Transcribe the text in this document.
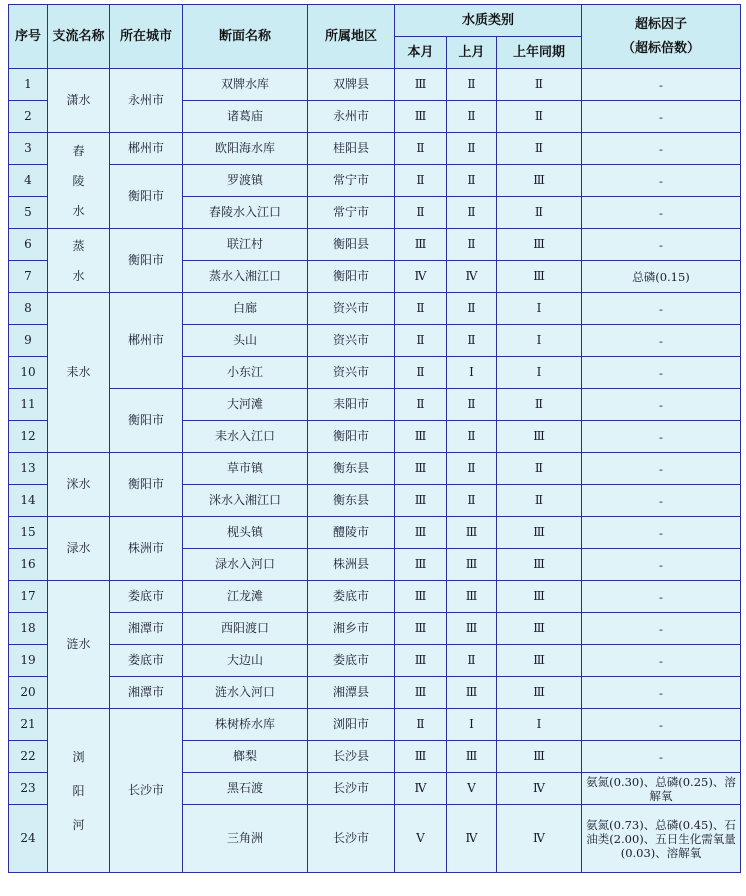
序号	支流名称	所在城市	断面名称	所属地区	水质类别			超标因子
（超标倍数）

					本月	上月	上年同期	
1	潇水	永州市	双牌水库	双牌县	Ⅲ	Ⅱ	Ⅱ	-
2			诸葛庙	永州市	Ⅲ	Ⅱ	Ⅱ	-
3	舂陵水	郴州市	欧阳海水库	桂阳县	Ⅱ	Ⅱ	Ⅱ	-
4		衡阳市	罗渡镇	常宁市	Ⅱ	Ⅱ	Ⅲ	-
5			舂陵水入江口	常宁市	Ⅱ	Ⅱ	Ⅱ	-
6	蒸水	衡阳市	联江村	衡阳县	Ⅲ	Ⅱ	Ⅲ	-
7			蒸水入湘江口	衡阳市	Ⅳ	Ⅳ	Ⅲ	总磷(0.15)
8	耒水	郴州市	白廊	资兴市	Ⅱ	Ⅱ	Ⅰ	-
9			头山	资兴市	Ⅱ	Ⅱ	Ⅰ	-
10			小东江	资兴市	Ⅱ	Ⅰ	Ⅰ	-
11		衡阳市	大河滩	耒阳市	Ⅱ	Ⅱ	Ⅱ	-
12			耒水入江口	衡阳市	Ⅲ	Ⅱ	Ⅲ	-
13	洣水	衡阳市	草市镇	衡东县	Ⅲ	Ⅱ	Ⅱ	-
14			洣水入湘江口	衡东县	Ⅲ	Ⅱ	Ⅱ	-
15	渌水	株洲市	枧头镇	醴陵市	Ⅲ	Ⅲ	Ⅲ	-
16			渌水入河口	株洲县	Ⅲ	Ⅲ	Ⅲ	-
17	涟水	娄底市	江龙滩	娄底市	Ⅲ	Ⅲ	Ⅲ	-
18		湘潭市	西阳渡口	湘乡市	Ⅲ	Ⅲ	Ⅲ	-
19		娄底市	大边山	娄底市	Ⅲ	Ⅱ	Ⅲ	-
20		湘潭市	涟水入河口	湘潭县	Ⅲ	Ⅲ	Ⅲ	-
21	浏阳河	长沙市	株树桥水库	浏阳市	Ⅱ	Ⅰ	Ⅰ	-
22			榔梨	长沙县	Ⅲ	Ⅲ	Ⅲ	-
23			黑石渡	长沙市	Ⅳ	Ⅴ	Ⅳ	氨氮(0.30)、总磷(0.25)、溶解氧
24			三角洲	长沙市	Ⅴ	Ⅳ	Ⅳ	氨氮(0.73)、总磷(0.45)、石油类(2.00)、五日生化需氧量(0.03)、溶解氧
